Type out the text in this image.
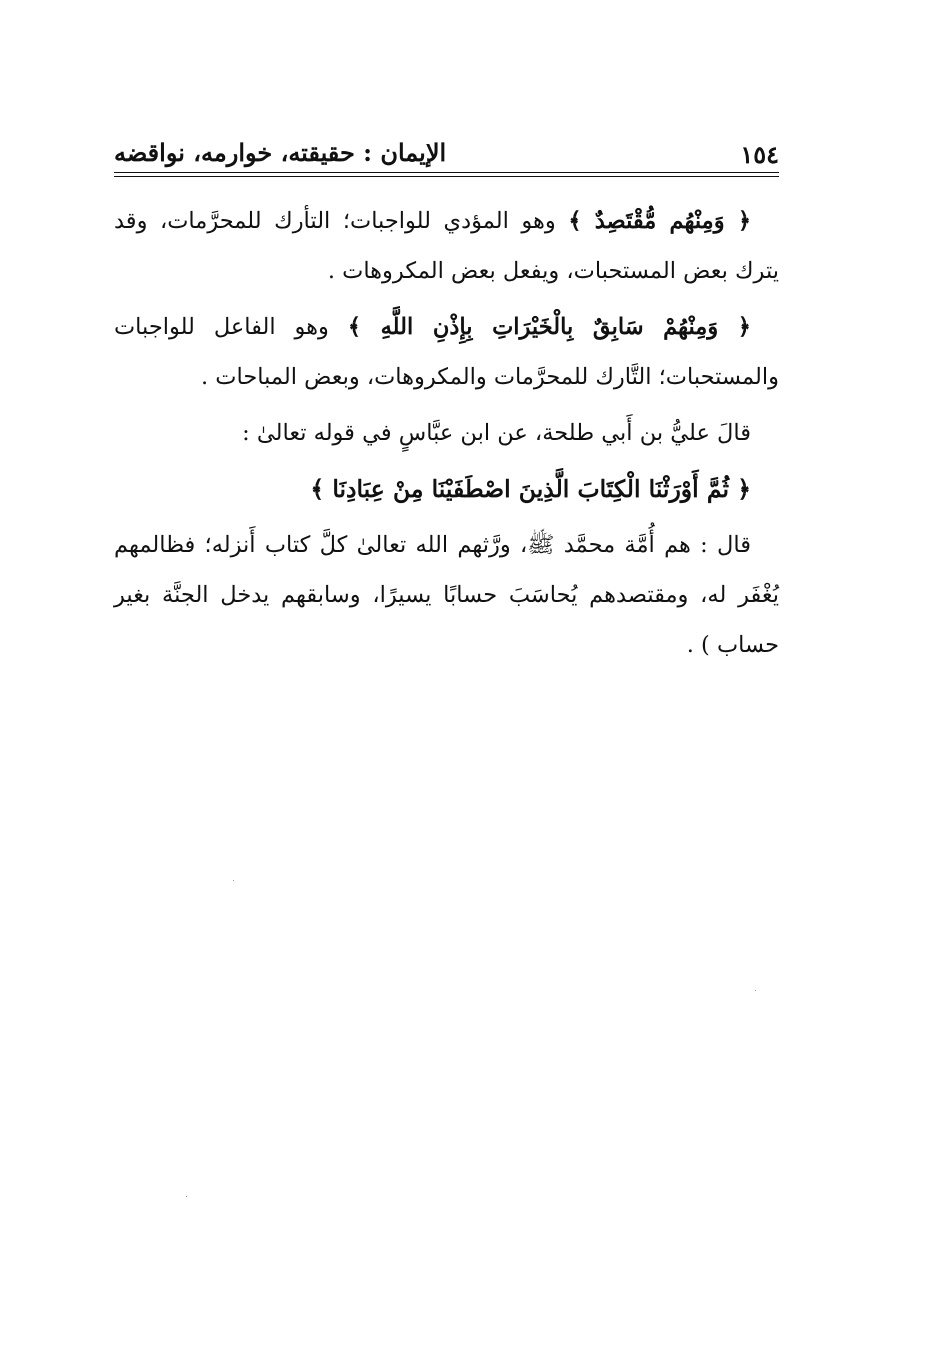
١٥٤
الإيمان : حقيقته، خوارمه، نواقضه

﴿ وَمِنْهُم مُّقْتَصِدٌ ﴾ وهو المؤدي للواجبات؛ التأرك للمحرَّمات، وقد يترك بعض المستحبات، ويفعل بعض المكروهات .

﴿ وَمِنْهُمْ سَابِقٌ بِالْخَيْرَاتِ بِإِذْنِ اللَّهِ ﴾ وهو الفاعل للواجبات والمستحبات؛ التَّارك للمحرَّمات والمكروهات، وبعض المباحات .

قالَ عليُّ بن أَبي طلحة، عن ابن عبَّاسٍ في قوله تعالىٰ :

﴿ ثُمَّ أَوْرَثْنَا الْكِتَابَ الَّذِينَ اصْطَفَيْنَا مِنْ عِبَادِنَا ﴾

قال : هم أُمَّة محمَّد ﷺ، ورَّثهم الله تعالىٰ كلَّ كتاب أَنزله؛ فظالمهم يُغْفَر له، ومقتصدهم يُحاسَبَ حسابًا يسيرًا، وسابقهم يدخل الجنَّة بغير حساب ) .
